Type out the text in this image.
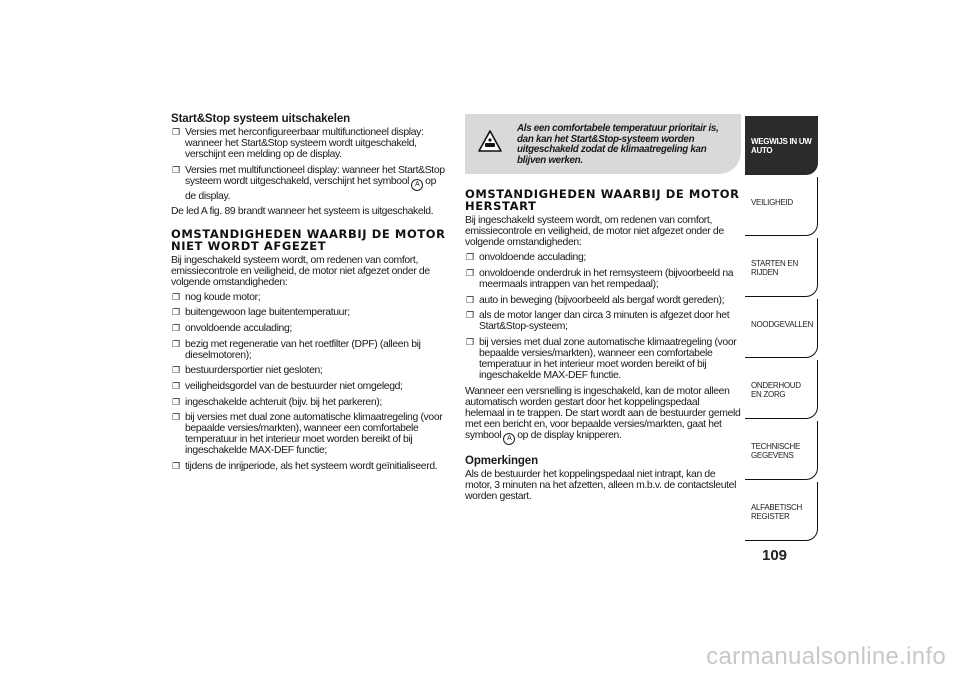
Start&Stop systeem uitschakelen
❐ Versies met herconfigureerbaar multifunctioneel display: wanneer het Start&Stop systeem wordt uitgeschakeld, verschijnt een melding op de display.
❐ Versies met multifunctioneel display: wanneer het Start&Stop systeem wordt uitgeschakeld, verschijnt het symbool A op de display.

De led A fig. 89 brandt wanneer het systeem is uitgeschakeld.

OMSTANDIGHEDEN WAARBIJ DE MOTOR NIET WORDT AFGEZET

Bij ingeschakeld systeem wordt, om redenen van comfort, emissiecontrole en veiligheid, de motor niet afgezet onder de volgende omstandigheden:

❐ nog koude motor;
❐ buitengewoon lage buitentemperatuur;
❐ onvoldoende acculading;
❐ bezig met regeneratie van het roetfilter (DPF) (alleen bij dieselmotoren);
❐ bestuurdersportier niet gesloten;
❐ veiligheidsgordel van de bestuurder niet omgelegd;
❐ ingeschakelde achteruit (bijv. bij het parkeren);
❐ bij versies met dual zone automatische klimaatregeling (voor bepaalde versies/markten), wanneer een comfortabele temperatuur in het interieur moet worden bereikt of bij ingeschakelde MAX-DEF functie;
❐ tijdens de inrijperiode, als het systeem wordt geïnitialiseerd.
Als een comfortabele temperatuur prioritair is, dan kan het Start&Stop-systeem worden uitgeschakeld zodat de klimaatregeling kan blijven werken.
OMSTANDIGHEDEN WAARBIJ DE MOTOR HERSTART

Bij ingeschakeld systeem wordt, om redenen van comfort, emissiecontrole en veiligheid, de motor niet afgezet onder de volgende omstandigheden:

❐ onvoldoende acculading;
❐ onvoldoende onderdruk in het remsysteem (bijvoorbeeld na meermaals intrappen van het rempedaal);
❐ auto in beweging (bijvoorbeeld als bergaf wordt gereden);
❐ als de motor langer dan circa 3 minuten is afgezet door het Start&Stop-systeem;
❐ bij versies met dual zone automatische klimaatregeling (voor bepaalde versies/markten), wanneer een comfortabele temperatuur in het interieur moet worden bereikt of bij ingeschakelde MAX-DEF functie.

Wanneer een versnelling is ingeschakeld, kan de motor alleen automatisch worden gestart door het koppelingspedaal helemaal in te trappen. De start wordt aan de bestuurder gemeld met een bericht en, voor bepaalde versies/markten, gaat het symbool A op de display knipperen.

Opmerkingen

Als de bestuurder het koppelingspedaal niet intrapt, kan de motor, 3 minuten na het afzetten, alleen m.b.v. de contactsleutel worden gestart.

WEGWIJS IN UW AUTO
VEILIGHEID
STARTEN EN RIJDEN
NOODGEVALLEN
ONDERHOUD EN ZORG
TECHNISCHE GEGEVENS
ALFABETISCH REGISTER
109
carmanualsonline.info
